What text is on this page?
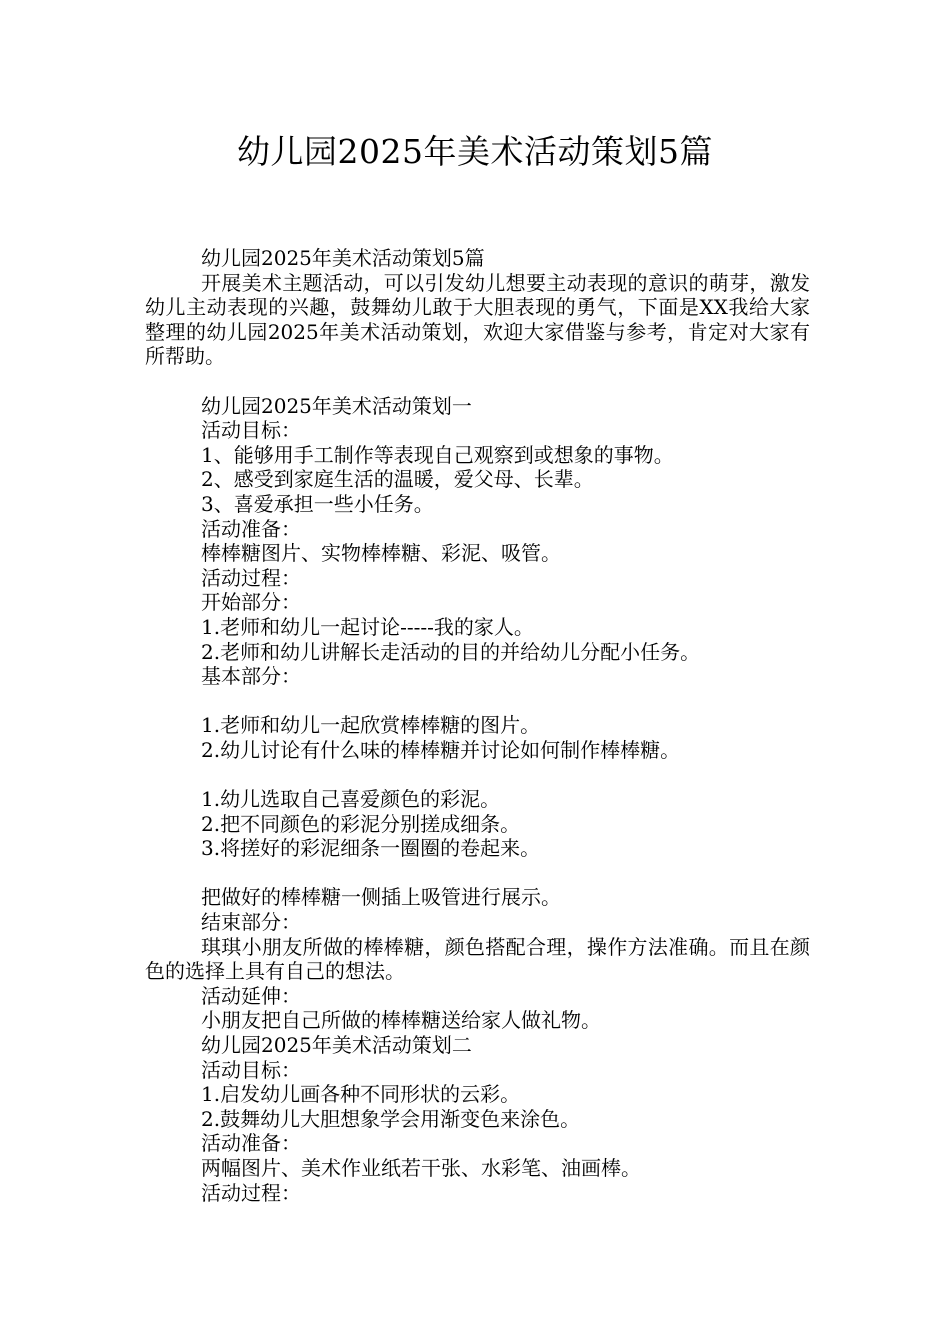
幼儿园2025年美术活动策划5篇

幼儿园2025年美术活动策划5篇

开展美术主题活动，可以引发幼儿想要主动表现的意识的萌芽，激发幼儿主动表现的兴趣，鼓舞幼儿敢于大胆表现的勇气，下面是XX我给大家整理的幼儿园2025年美术活动策划，欢迎大家借鉴与参考，肯定对大家有所帮助。

幼儿园2025年美术活动策划一

活动目标：

1、能够用手工制作等表现自己观察到或想象的事物。

2、感受到家庭生活的温暖，爱父母、长辈。

3、喜爱承担一些小任务。

活动准备：

棒棒糖图片、实物棒棒糖、彩泥、吸管。

活动过程：

开始部分：

1.老师和幼儿一起讨论-----我的家人。

2.老师和幼儿讲解长走活动的目的并给幼儿分配小任务。

基本部分：

1.老师和幼儿一起欣赏棒棒糖的图片。

2.幼儿讨论有什么味的棒棒糖并讨论如何制作棒棒糖。

1.幼儿选取自己喜爱颜色的彩泥。

2.把不同颜色的彩泥分别搓成细条。

3.将搓好的彩泥细条一圈圈的卷起来。

把做好的棒棒糖一侧插上吸管进行展示。

结束部分：

琪琪小朋友所做的棒棒糖，颜色搭配合理，操作方法准确。而且在颜色的选择上具有自己的想法。

活动延伸：

小朋友把自己所做的棒棒糖送给家人做礼物。

幼儿园2025年美术活动策划二

活动目标：

1.启发幼儿画各种不同形状的云彩。

2.鼓舞幼儿大胆想象学会用渐变色来涂色。

活动准备：

两幅图片、美术作业纸若干张、水彩笔、油画棒。

活动过程：
